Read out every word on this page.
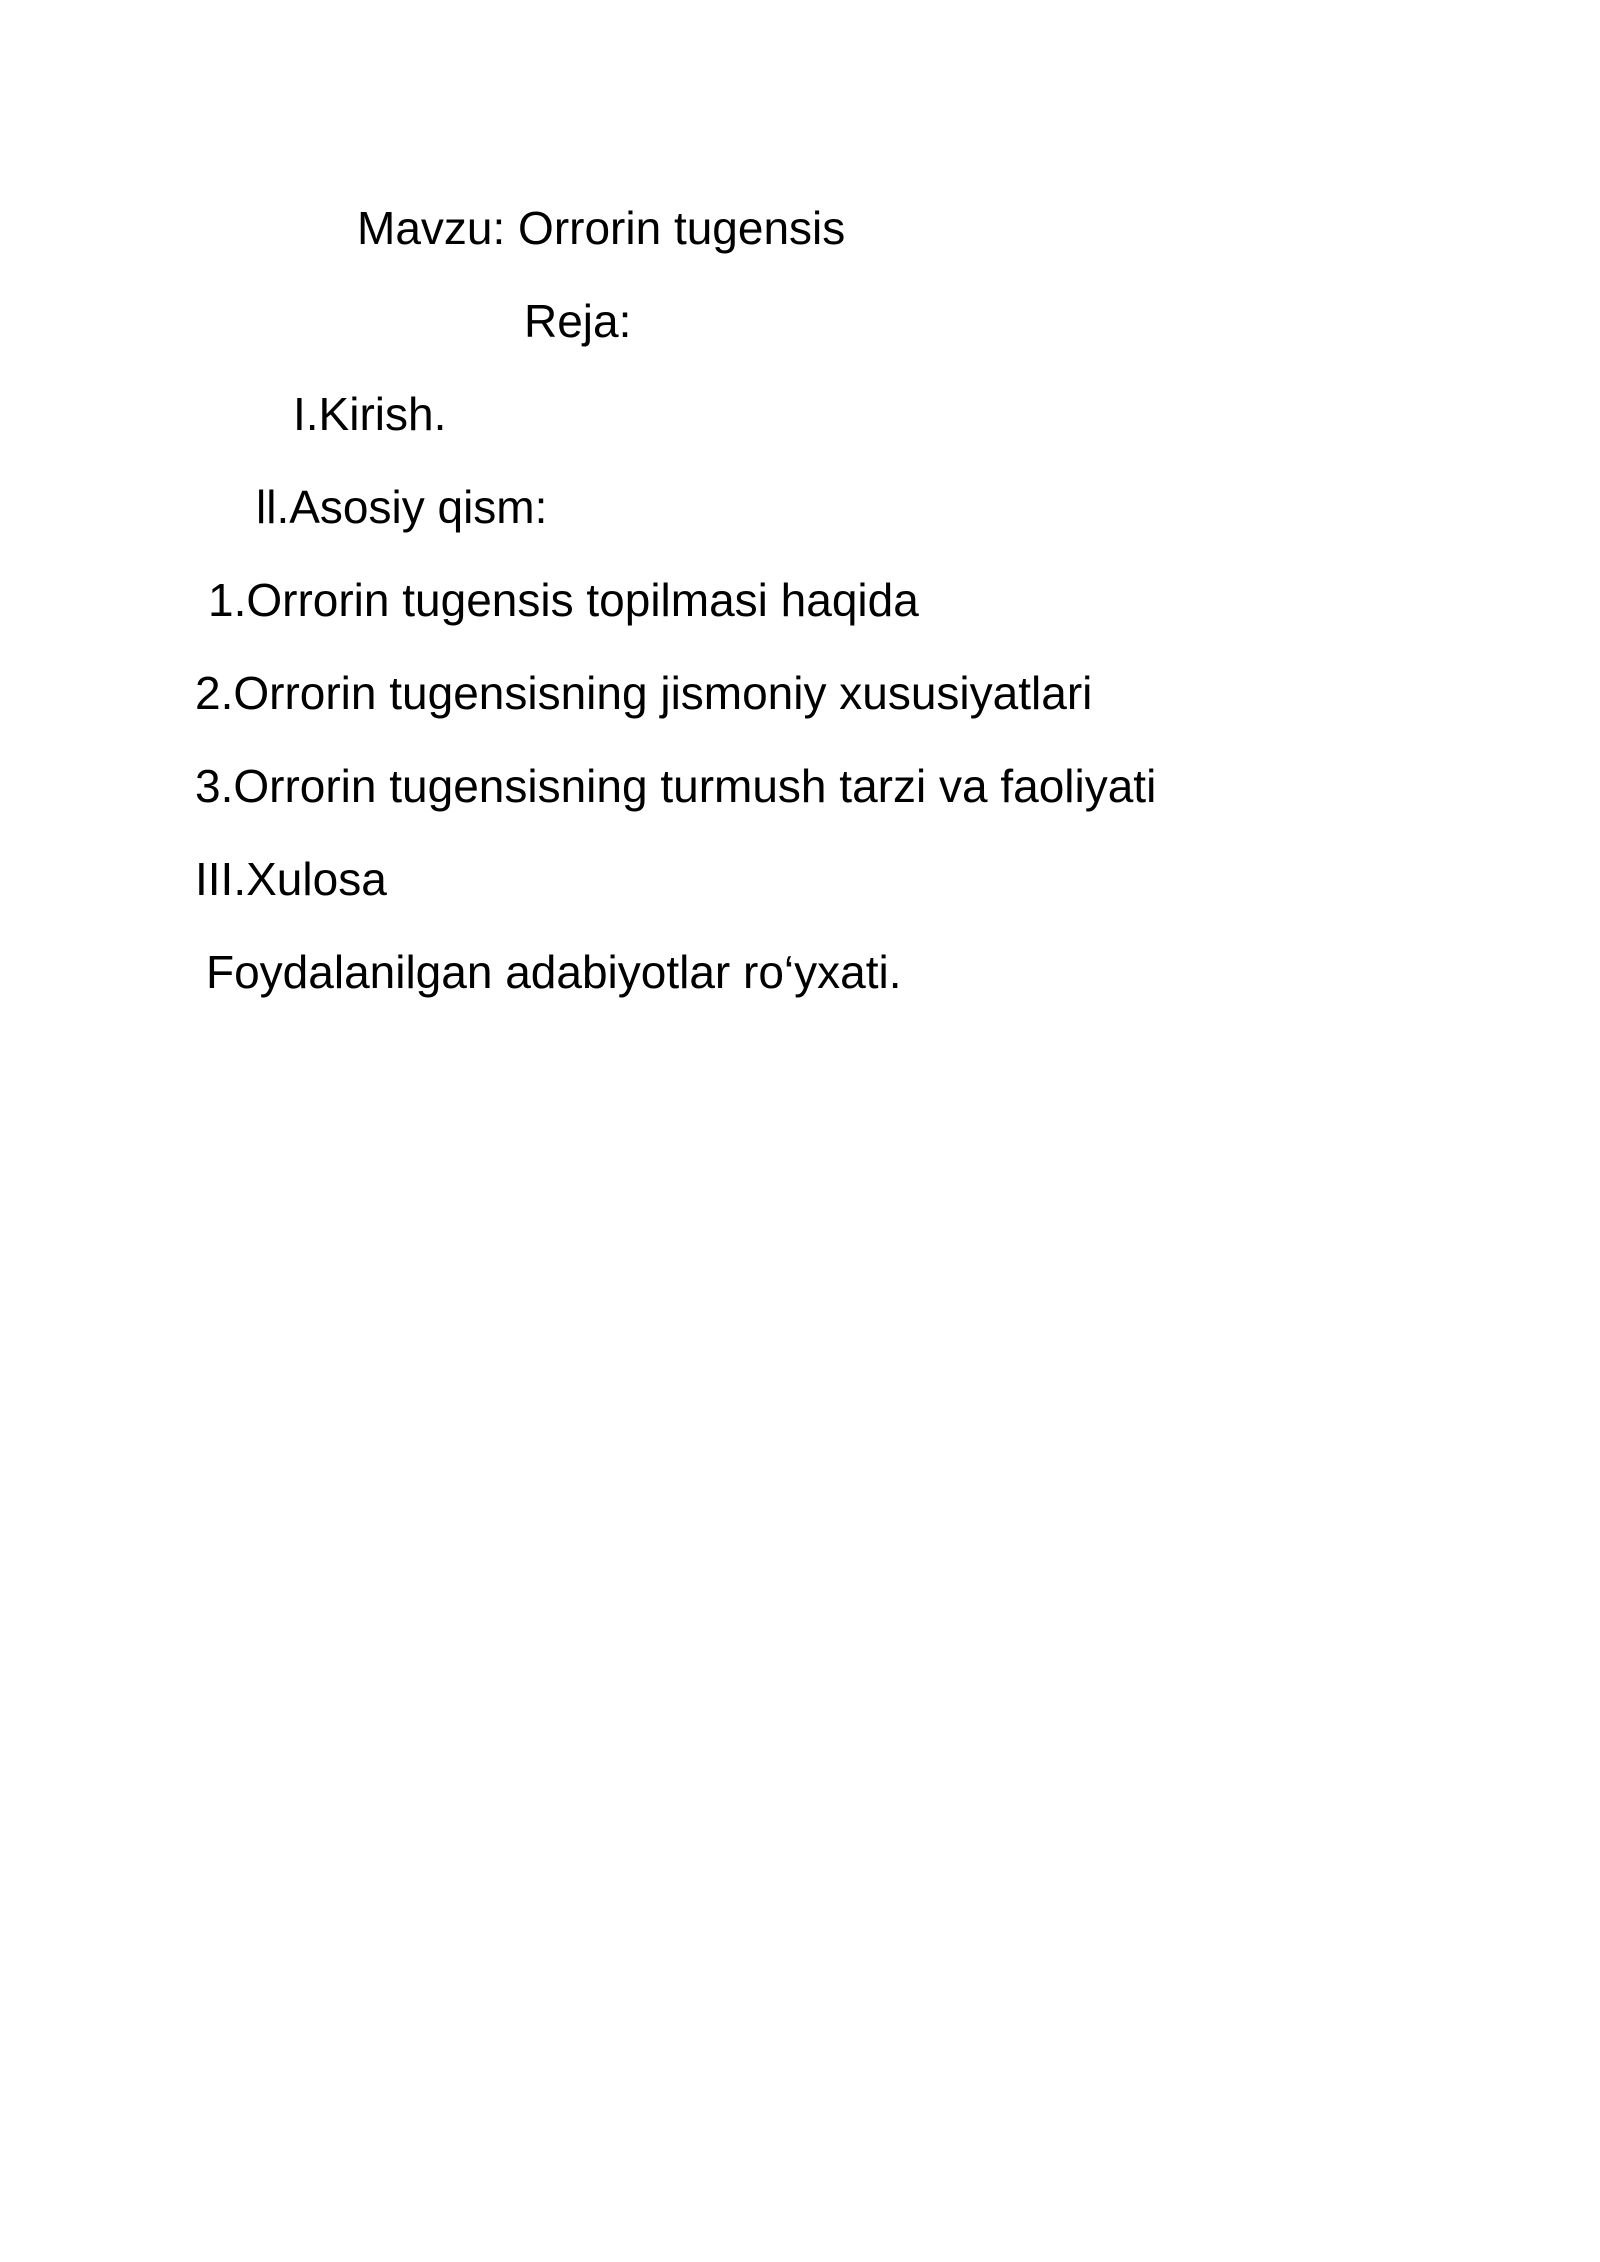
Mavzu: Orrorin tugensis

Reja:

I.Kirish.

ll.Asosiy qism:

1.Orrorin tugensis topilmasi haqida

2.Orrorin tugensisning jismoniy xususiyatlari

3.Orrorin tugensisning turmush tarzi va faoliyati

III.Xulosa

Foydalanilgan adabiyotlar ro‘yxati.
